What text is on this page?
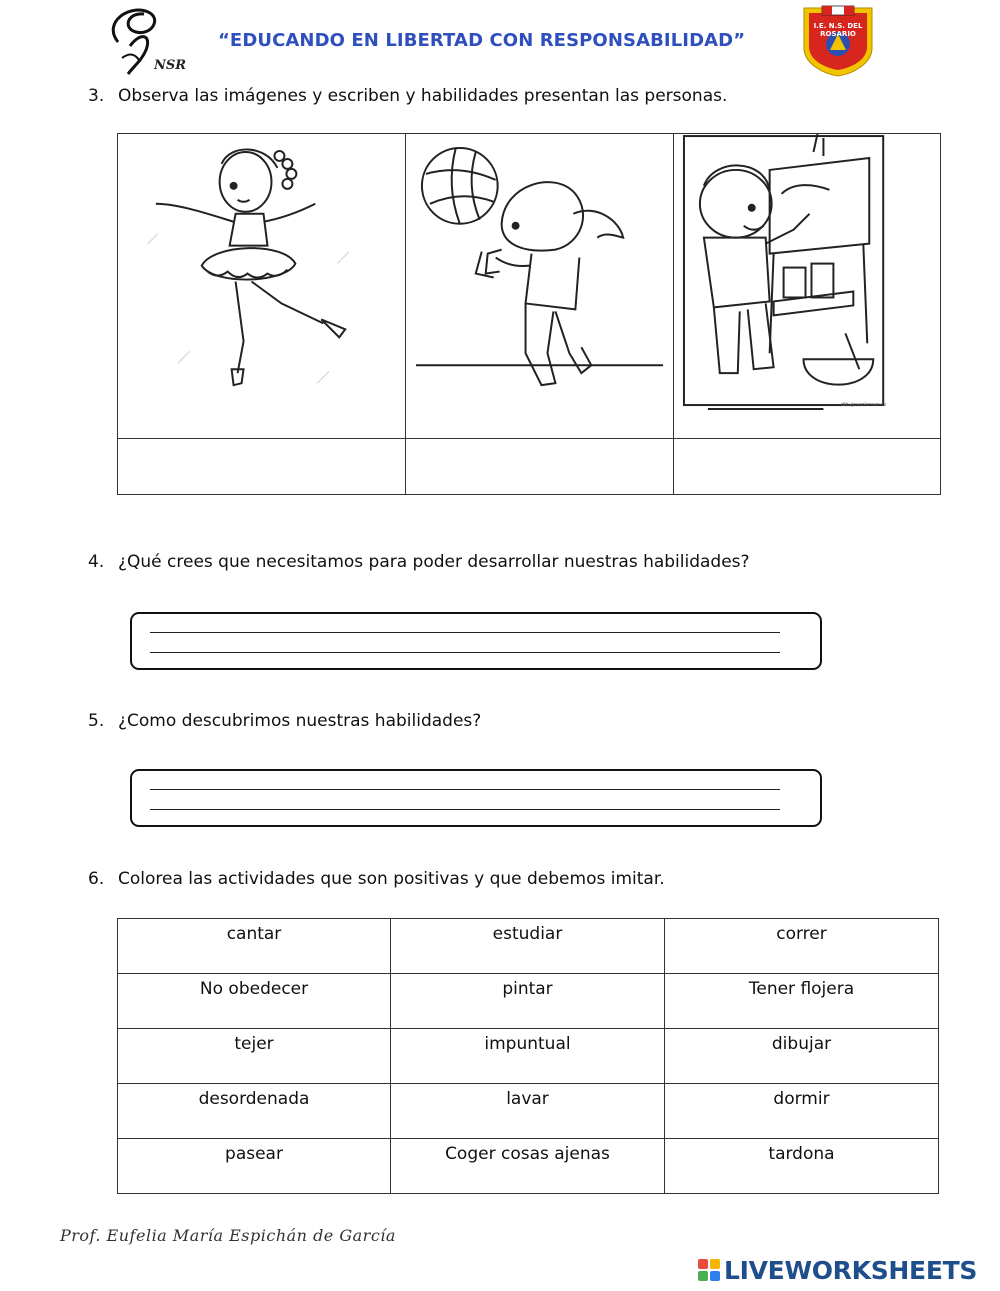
NSR
“EDUCANDO EN LIBERTAD CON RESPONSABILIDAD”
I.E. N.S. DEL ROSARIO
3. Observa las imágenes y escriben y habilidades presentan las personas.

dibujoscolorear.es

4. ¿Qué crees que necesitamos para poder desarrollar nuestras habilidades?
5. ¿Como descubrimos nuestras habilidades?
6. Colorea las actividades que son positivas y que debemos imitar.
cantar	estudiar	correr
No obedecer	pintar	Tener flojera
tejer	impuntual	dibujar
desordenada	lavar	dormir
pasear	Coger cosas ajenas	tardona
Prof. Eufelia María Espichán de García
LIVEWORKSHEETS
